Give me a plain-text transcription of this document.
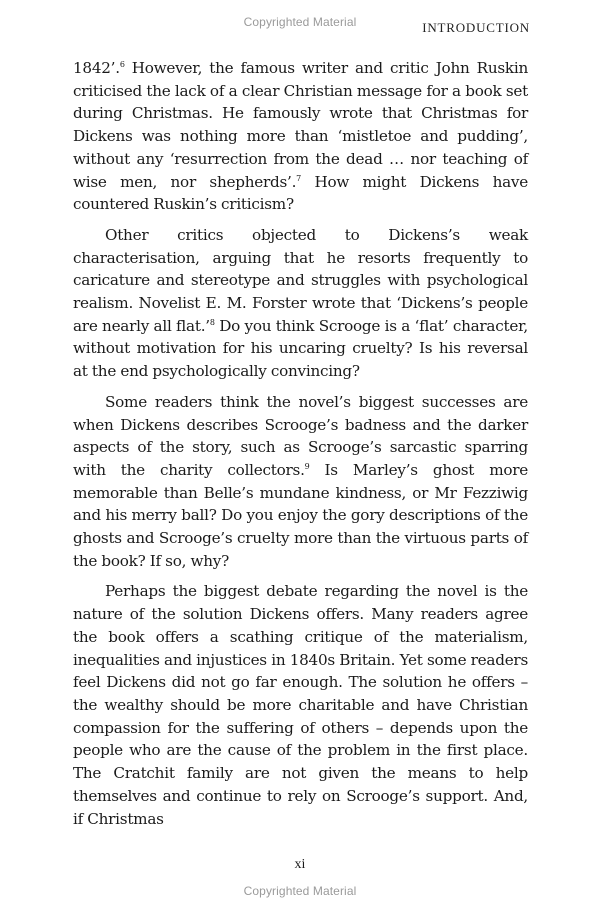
Copyrighted Material	INTRODUCTION

1842’.$^6$ However, the famous writer and critic John Ruskin criticised the lack of a clear Christian message for a book set during Christmas. He famously wrote that Christmas for Dickens was nothing more than ‘mistletoe and pudding’, without any ‘resurrection from the dead … nor teaching of wise men, nor shepherds’.$^7$ How might Dickens have countered Ruskin’s criticism?

Other critics objected to Dickens’s weak characterisation, arguing that he resorts frequently to caricature and stereotype and struggles with psychological realism. Novelist E. M. Forster wrote that ‘Dickens’s people are nearly all flat.’$^8$ Do you think Scrooge is a ‘flat’ character, without motivation for his uncaring cruelty? Is his reversal at the end psychologically convincing?

Some readers think the novel’s biggest successes are when Dickens describes Scrooge’s badness and the darker aspects of the story, such as Scrooge’s sarcastic sparring with the charity collectors.$^9$ Is Marley’s ghost more memorable than Belle’s mundane kindness, or Mr Fezziwig and his merry ball? Do you enjoy the gory descriptions of the ghosts and Scrooge’s cruelty more than the virtuous parts of the book? If so, why?

Perhaps the biggest debate regarding the novel is the nature of the solution Dickens offers. Many readers agree the book offers a scathing critique of the materialism, inequalities and injustices in 1840s Britain. Yet some readers feel Dickens did not go far enough. The solution he offers – the wealthy should be more charitable and have Christian compassion for the suffering of others – depends upon the people who are the cause of the problem in the first place. The Cratchit family are not given the means to help themselves and continue to rely on Scrooge’s support. And, if Christmas

xi
Copyrighted Material
